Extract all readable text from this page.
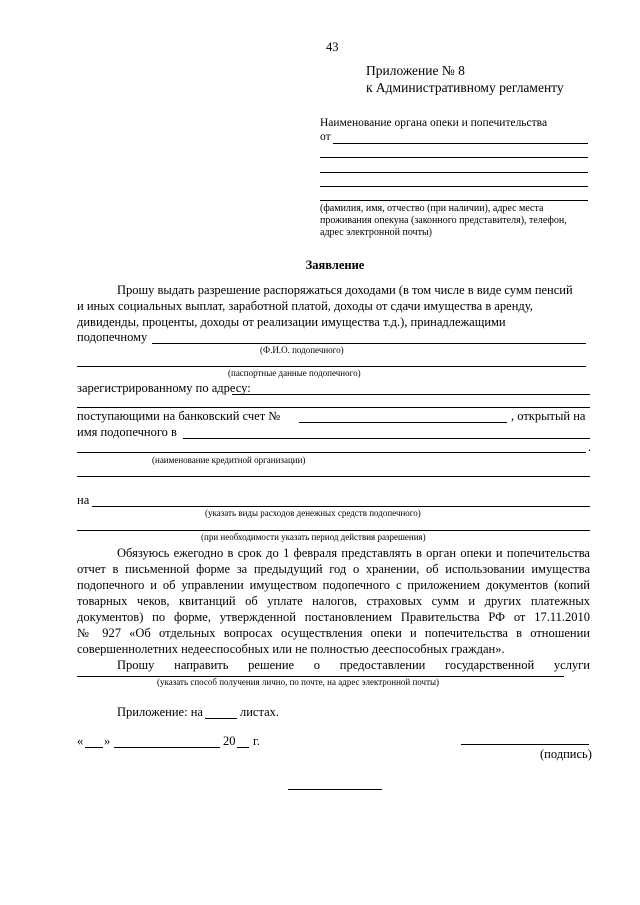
43
Приложение № 8
к Административному регламенту
Наименование органа опеки и попечительства
от
(фамилия, имя, отчество (при наличии), адрес места проживания опекуна (законного представителя), телефон, адрес электронной почты)
Заявление
Прошу выдать разрешение распоряжаться доходами (в том числе в виде сумм пенсий
и иных социальных выплат, заработной платой, доходы от сдачи имущества в аренду,
дивиденды, проценты, доходы от реализации имущества т.д.), принадлежащими
подопечному
(Ф.И.О. подопечного)
(паспортные данные подопечного)
зарегистрированному по адресу:
поступающими на банковский счет №	, открытый на
имя подопечного в
.
(наименование кредитной организации)
на
(указать виды расходов денежных средств подопечного)
(при необходимости указать период действия разрешения)
Обязуюсь ежегодно в срок до 1 февраля представлять в орган опеки и попечительства
отчет в письменной форме за предыдущий год о хранении, об использовании имущества
подопечного и об управлении имуществом подопечного с приложением документов (копий
товарных чеков, квитанций об уплате налогов, страховых сумм и других платежных
документов) по форме, утвержденной постановлением Правительства РФ от 17.11.2010
№ 927 «Об отдельных вопросах осуществления опеки и попечительства в отношении
совершеннолетних недееспособных или не полностью дееспособных граждан».
Прошу направить решение о предоставлении государственной услуги
(указать способ получения лично, по почте, на адрес электронной почты)
Приложение: на	листах.
« »	20 г.
(подпись)
